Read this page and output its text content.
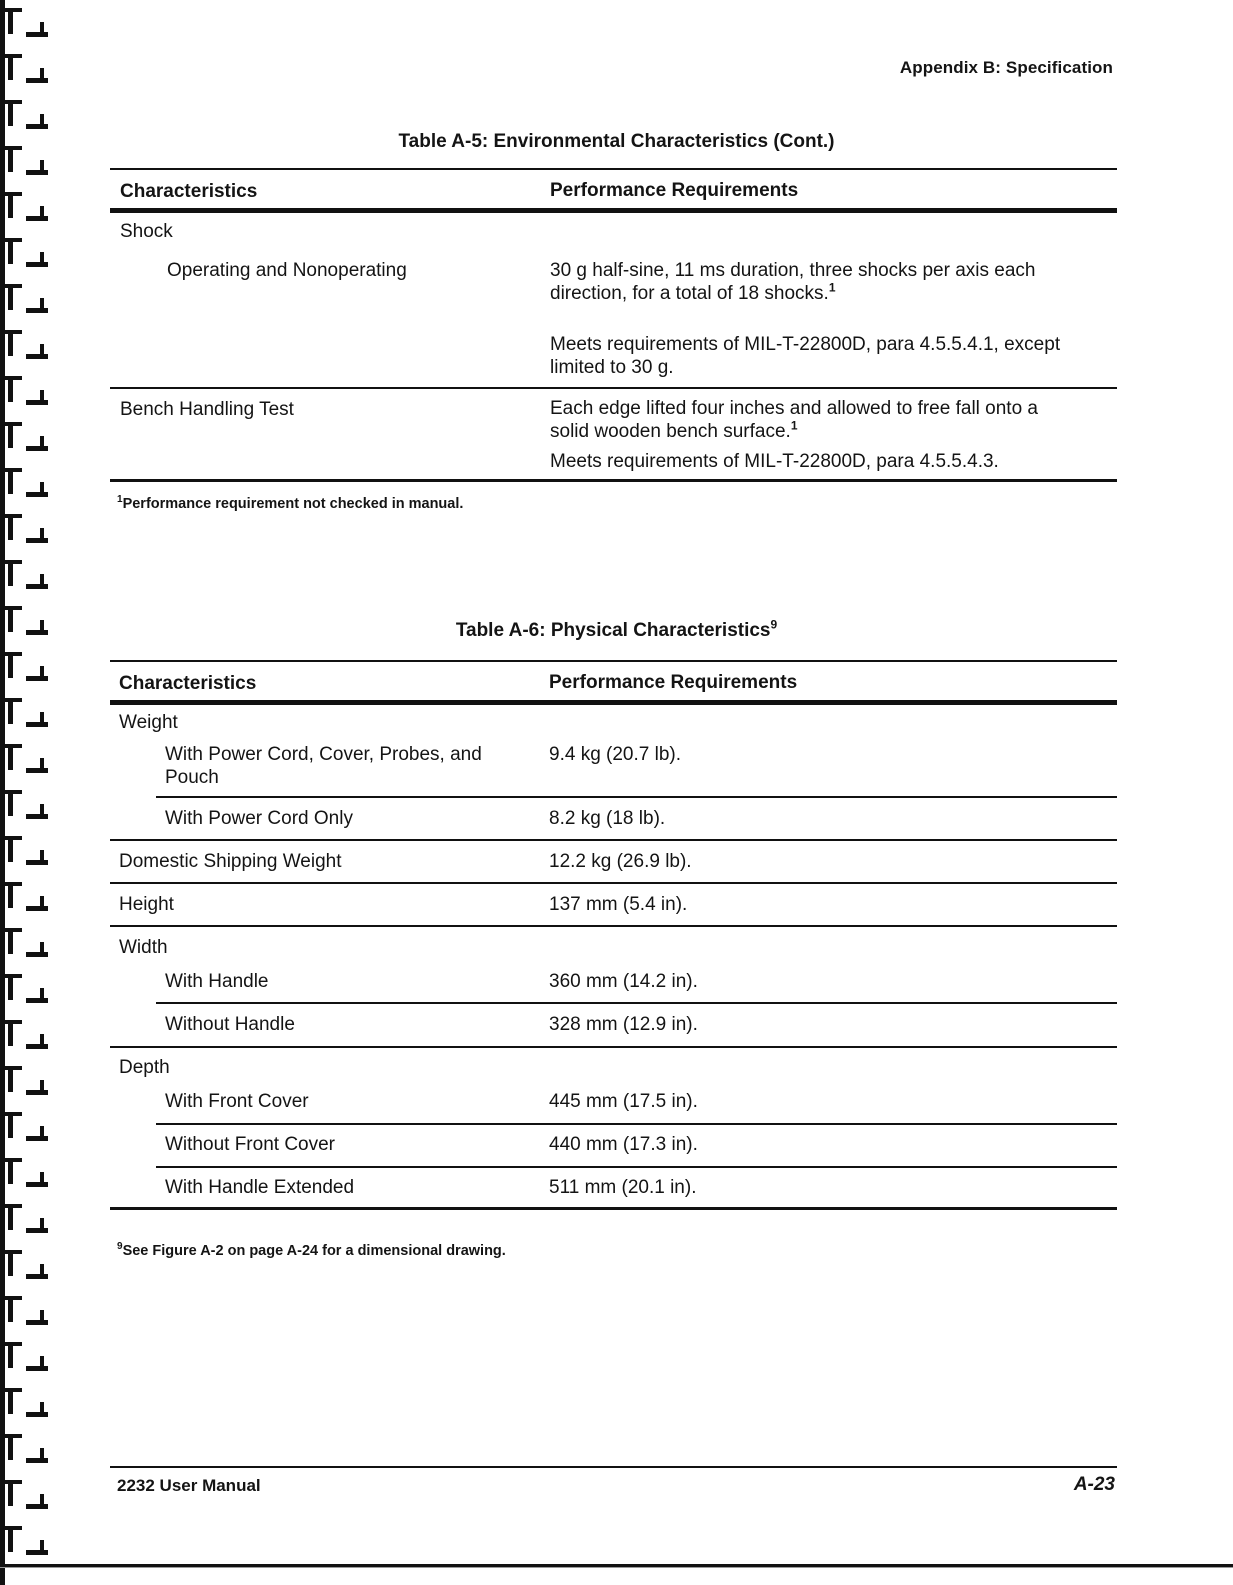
Appendix B: Specification
Table A-5: Environmental Characteristics (Cont.)
Characteristics	Performance Requirements
Shock
Operating and Nonoperating	30 g half-sine, 11 ms duration, three shocks per axis each
direction, for a total of 18 shocks.$^1$
Meets requirements of MIL-T-22800D, para 4.5.5.4.1, except
limited to 30 g.
Bench Handling Test	Each edge lifted four inches and allowed to free fall onto a
solid wooden bench surface.$^1$
Meets requirements of MIL-T-22800D, para 4.5.5.4.3.
$^1$Performance requirement not checked in manual.
Table A-6: Physical Characteristics$^9$
Characteristics	Performance Requirements
Weight
With Power Cord, Cover, Probes, and
Pouch
9.4 kg (20.7 lb).
With Power Cord Only	8.2 kg (18 lb).
Domestic Shipping Weight	12.2 kg (26.9 lb).
Height	137 mm (5.4 in).
Width
With Handle	360 mm (14.2 in).
Without Handle	328 mm (12.9 in).
Depth
With Front Cover	445 mm (17.5 in).
Without Front Cover	440 mm (17.3 in).
With Handle Extended	511 mm (20.1 in).
$^9$See Figure A-2 on page A-24 for a dimensional drawing.
2232 User Manual	A-23
